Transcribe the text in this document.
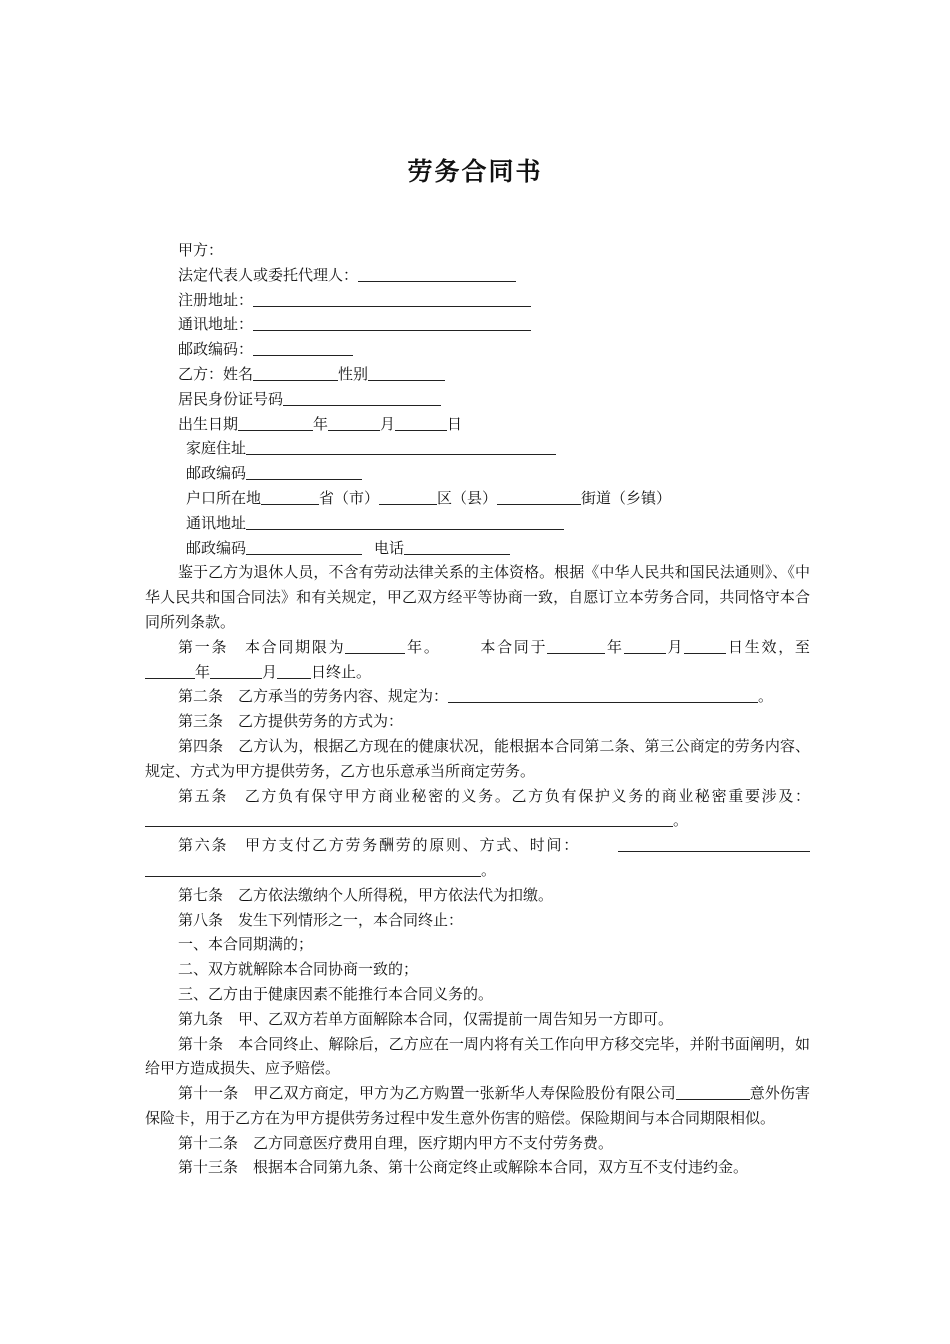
劳务合同书
甲方：
法定代表人或委托代理人：
注册地址：
通讯地址：
邮政编码：
乙方：姓名	性别
居民身份证号码
出生日期	年	月	日
家庭住址
邮政编码
户口所在地	省（市）	区（县）	街道（乡镇）
通讯地址
邮政编码	电话
鉴于乙方为退休人员，不含有劳动法律关系的主体资格。根据《中华人民共和国民法通则》、《中华人民共和国合同法》和有关规定，甲乙双方经平等协商一致，自愿订立本劳务合同，共同恪守本合同所列条款。
第一条　本合同期限为	年。	本合同于	年	月	日生效，至年	月 日终止。
第二条　乙方承当的劳务内容、规定为：	。
第三条　乙方提供劳务的方式为：
第四条　乙方认为，根据乙方现在的健康状况，能根据本合同第二条、第三公商定的劳务内容、规定、方式为甲方提供劳务，乙方也乐意承当所商定劳务。
第五条　乙方负有保守甲方商业秘密的义务。乙方负有保护义务的商业秘密重要涉及：。
第六条　甲方支付乙方劳务酬劳的原则、方式、时间：。
第七条　乙方依法缴纳个人所得税，甲方依法代为扣缴。
第八条　发生下列情形之一，本合同终止：
一、本合同期满的；
二、双方就解除本合同协商一致的；
三、乙方由于健康因素不能推行本合同义务的。
第九条　甲、乙双方若单方面解除本合同，仅需提前一周告知另一方即可。
第十条　本合同终止、解除后，乙方应在一周内将有关工作向甲方移交完毕，并附书面阐明，如给甲方造成损失、应予赔偿。
第十一条　甲乙双方商定，甲方为乙方购置一张新华人寿保险股份有限公司	意外伤害保险卡，用于乙方在为甲方提供劳务过程中发生意外伤害的赔偿。保险期间与本合同期限相似。
第十二条　乙方同意医疗费用自理，医疗期内甲方不支付劳务费。
第十三条　根据本合同第九条、第十公商定终止或解除本合同，双方互不支付违约金。
